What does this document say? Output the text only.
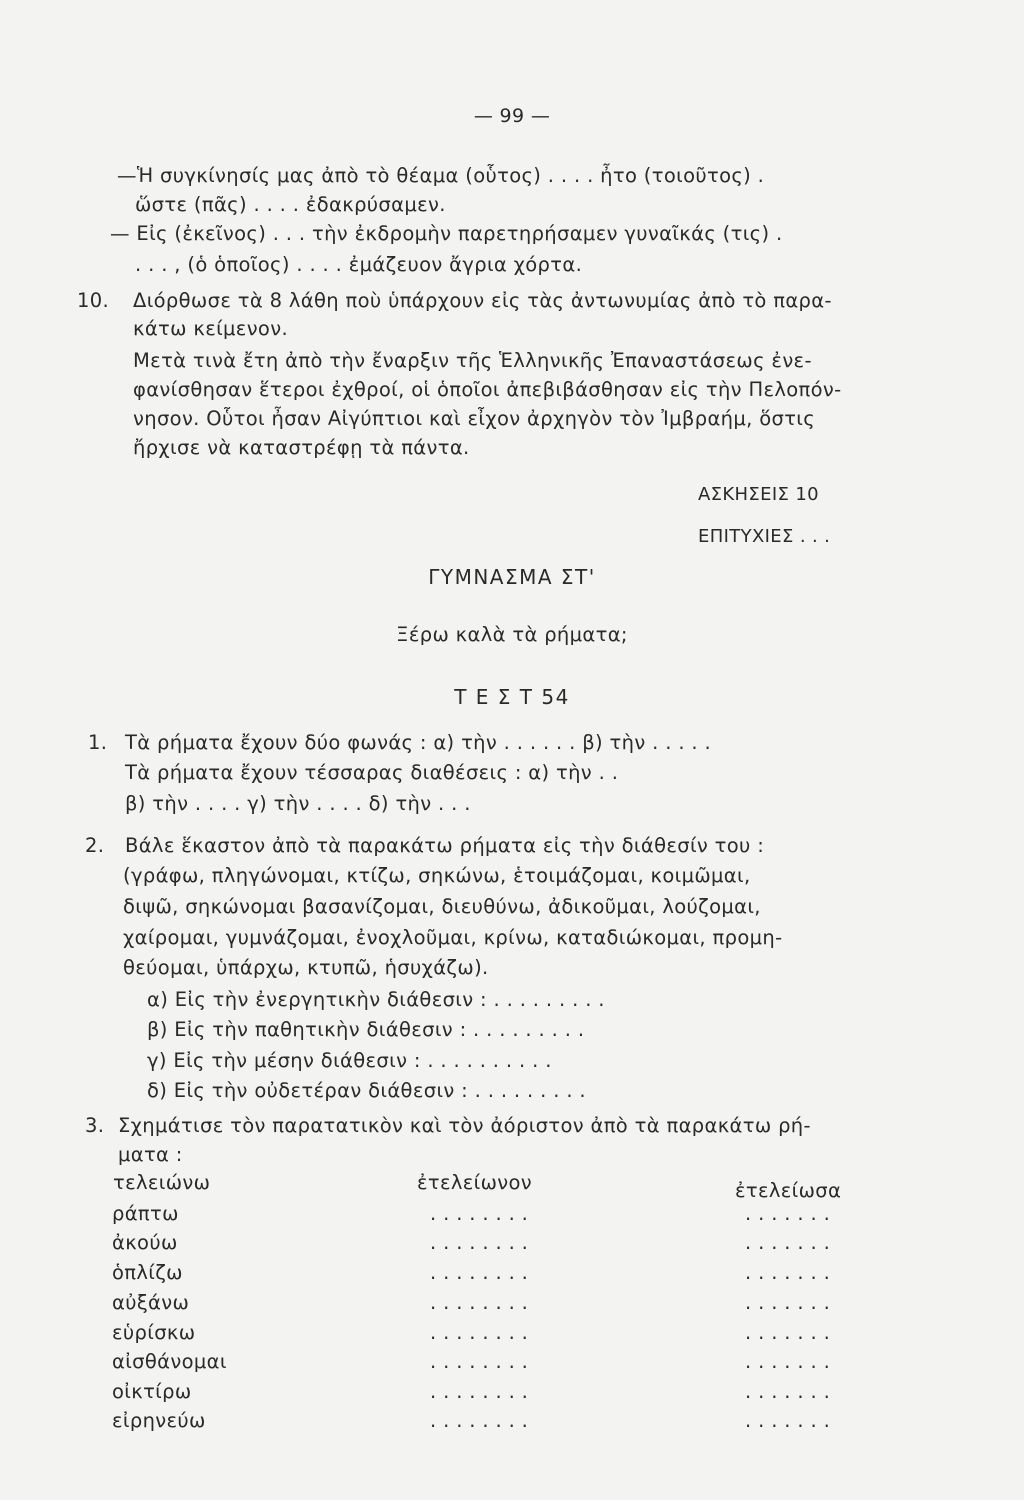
— 99 —
—Ἡ συγκίνησίς μας ἀπὸ τὸ θέαμα (οὗτος) . . . . ἦτο (τοιοῦτος) .
ὥστε (πᾶς) . . . . ἐδακρύσαμεν.
— Εἰς (ἐκεῖνος) . . . τὴν ἐκδρομὴν παρετηρήσαμεν γυναῖκάς (τις) .
. . . , (ὁ ὁποῖος) . . . . ἐμάζευον ἄγρια χόρτα.
10. Διόρθωσε τὰ 8 λάθη ποὺ ὑπάρχουν εἰς τὰς ἀντωνυμίας ἀπὸ τὸ παρα-
κάτω κείμενον.
Μετὰ τινὰ ἔτη ἀπὸ τὴν ἔναρξιν τῆς Ἑλληνικῆς Ἐπαναστάσεως ἐνε-
φανίσθησαν ἕτεροι ἐχθροί, οἱ ὁποῖοι ἀπεβιβάσθησαν εἰς τὴν Πελοπόν-
νησον. Οὗτοι ἦσαν Αἰγύπτιοι καὶ εἶχον ἀρχηγὸν τὸν Ἰμβραήμ, ὅστις
ἤρχισε νὰ καταστρέφῃ τὰ πάντα.
ΑΣΚΗΣΕΙΣ 10
ΕΠΙΤΥΧΙΕΣ . . .
ΓΥΜΝΑΣΜΑ ΣΤ'
Ξέρω καλὰ τὰ ρήματα;
Τ Ε Σ Τ 54
1. Τὰ ρήματα ἔχουν δύο φωνάς : α) τὴν . . . . . . β) τὴν . . . . .
Τὰ ρήματα ἔχουν τέσσαρας διαθέσεις : α) τὴν . .
β) τὴν . . . . γ) τὴν . . . . δ) τὴν . . .
2. Βάλε ἕκαστον ἀπὸ τὰ παρακάτω ρήματα εἰς τὴν διάθεσίν του :
(γράφω, πληγώνομαι, κτίζω, σηκώνω, ἑτοιμάζομαι, κοιμῶμαι,
διψῶ, σηκώνομαι βασανίζομαι, διευθύνω, ἀδικοῦμαι, λούζομαι,
χαίρομαι, γυμνάζομαι, ἐνοχλοῦμαι, κρίνω, καταδιώκομαι, προμη-
θεύομαι, ὑπάρχω, κτυπῶ, ἡσυχάζω).
α) Εἰς τὴν ἐνεργητικὴν διάθεσιν : . . . . . . . . .
β) Εἰς τὴν παθητικὴν διάθεσιν : . . . . . . . . .
γ) Εἰς τὴν μέσην διάθεσιν : . . . . . . . . . .
δ) Εἰς τὴν οὐδετέραν διάθεσιν : . . . . . . . . .
3. Σχημάτισε τὸν παρατατικὸν καὶ τὸν ἀόριστον ἀπὸ τὰ παρακάτω ρή-
ματα :
τελειώνω	ἐτελείωνον	ἐτελείωσα
ράπτω	. . . . . . . .	. . . . . . .
ἀκούω	. . . . . . . .	. . . . . . .
ὁπλίζω	. . . . . . . .	. . . . . . .
αὐξάνω	. . . . . . . .	. . . . . . .
εὑρίσκω	. . . . . . . .	. . . . . . .
αἰσθάνομαι	. . . . . . . .	. . . . . . .
οἰκτίρω	. . . . . . . .	. . . . . . .
εἰρηνεύω	. . . . . . . .	. . . . . . .
